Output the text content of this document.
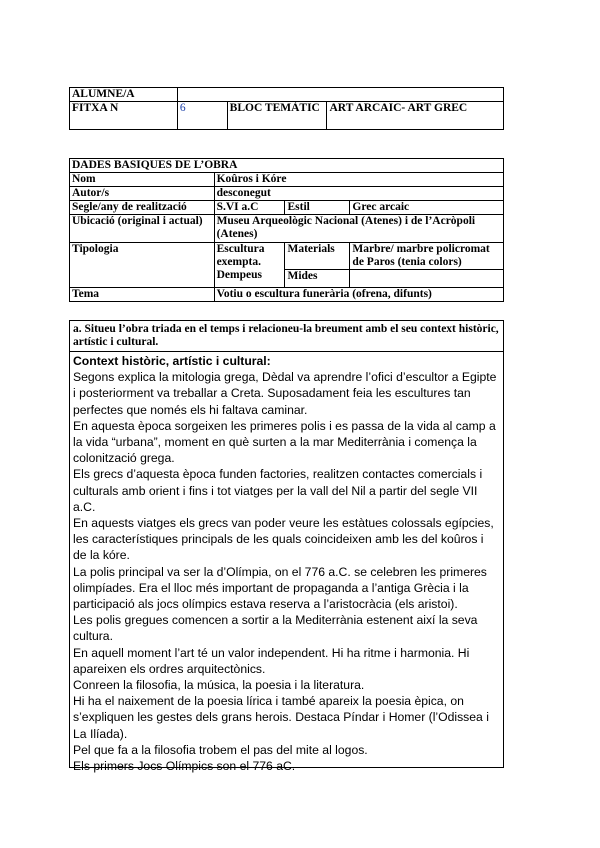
ALUMNE/A			
FITXA N	6	BLOC TEMÀTIC	ART ARCAIC- ART GREC
DADES BASIQUES DE L’OBRA			
Nom	Koûros i Kóre		
Autor/s	desconegut		
Segle/any de realització	S.VI a.C	Estil	Grec arcaic
Ubicació (original i actual)	Museu Arqueològic Nacional (Atenes) i de l’Acròpoli (Atenes)		
Tipologia	Escultura exempta. Dempeus	Materials	Marbre/ marbre policromat de Paros (tenia colors)
		Mides	
Tema	Votiu o escultura funerària (ofrena, difunts)		
a. Situeu l’obra triada en el temps i relacioneu-la breument amb el seu context històric, artístic i cultural.

Context històric, artístic i cultural:

Segons explica la mitologia grega, Dèdal va aprendre l’ofici d’escultor a Egipte i posteriorment va treballar a Creta. Suposadament feia les escultures tan perfectes que només els hi faltava caminar.

En aquesta època sorgeixen les primeres polis i es passa de la vida al camp a la vida “urbana”, moment en què surten a la mar Mediterrània i comença la colonització grega.

Els grecs d’aquesta època funden factories, realitzen contactes comercials i culturals amb orient i fins i tot viatges per la vall del Nil a partir del segle VII a.C.

En aquests viatges els grecs van poder veure les estàtues colossals egípcies, les característiques principals de les quals coincideixen amb les del koûros i de la kóre.

La polis principal va ser la d’Olímpia, on el 776 a.C. se celebren les primeres olimpíades. Era el lloc més important de propaganda a l’antiga Grècia i la participació als jocs olímpics estava reserva a l’aristocràcia (els aristoi).

Les polis gregues comencen a sortir a la Mediterrània estenent així la seva cultura.

En aquell moment l’art té un valor independent. Hi ha ritme i harmonia. Hi apareixen els ordres arquitectònics.

Conreen la filosofia, la música, la poesia i la literatura.

Hi ha el naixement de la poesia lírica i també apareix la poesia èpica, on s’expliquen les gestes dels grans herois. Destaca Píndar i Homer (l’Odissea i La Ilíada).

Pel que fa a la filosofia trobem el pas del mite al logos.

Els primers Jocs Olímpics son el 776 aC.
